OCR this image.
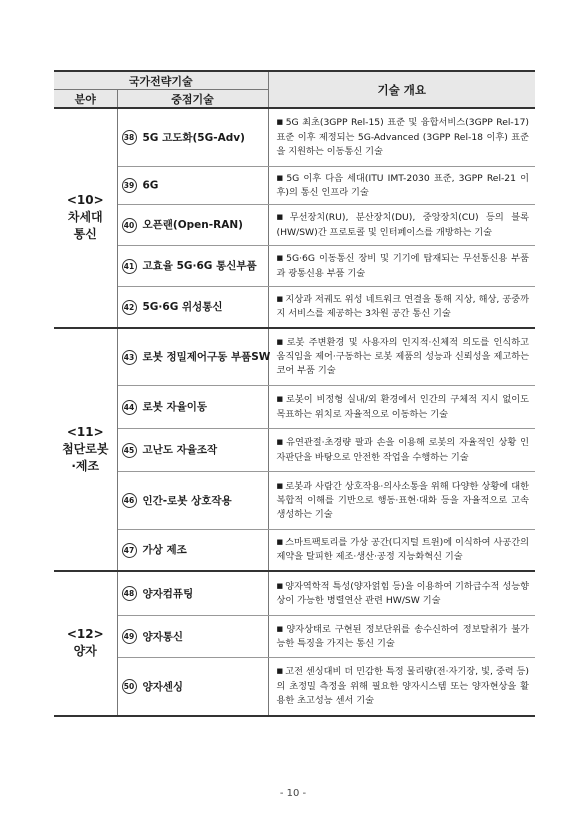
국가전략기술		기술 개요
분야	중점기술	

<10>
차세대
통신	38 5G 고도화(5G-Adv)	■ 5G 최초(3GPP Rel-15) 표준 및 융합서비스(3GPP Rel-17) 표준 이후 제정되는 5G-Advanced (3GPP Rel-18 이후) 표준을 지원하는 이동통신 기술
	39 6G	■ 5G 이후 다음 세대(ITU IMT-2030 표준, 3GPP Rel-21 이후)의 통신 인프라 기술
	40 오픈랜(Open-RAN)	■ 무선장치(RU), 분산장치(DU), 중앙장치(CU) 등의 블록(HW/SW)간 프로토콜 및 인터페이스를 개방하는 기술
	41 고효율 5G·6G 통신부품	■ 5G·6G 이동통신 장비 및 기기에 탑재되는 무선통신용 부품과 광통신용 부품 기술
	42 5G·6G 위성통신	■ 지상과 저궤도 위성 네트워크 연결을 통해 지상, 해상, 공중까지 서비스를 제공하는 3차원 공간 통신 기술

<11>
첨단로봇
·제조	43 로봇 정밀제어구동 부품SW	■ 로봇 주변환경 및 사용자의 인지적·신체적 의도를 인식하고 움직임을 제어·구동하는 로봇 제품의 성능과 신뢰성을 제고하는 코어 부품 기술
	44 로봇 자율이동	■ 로봇이 비정형 실내/외 환경에서 인간의 구체적 지시 없이도 목표하는 위치로 자율적으로 이동하는 기술
	45 고난도 자율조작	■ 유연관절·초경량 팔과 손을 이용해 로봇의 자율적인 상황 인자판단을 바탕으로 안전한 작업을 수행하는 기술
	46 인간-로봇 상호작용	■ 로봇과 사람간 상호작용·의사소통을 위해 다양한 상황에 대한 복합적 이해를 기반으로 행동·표현·대화 등을 자율적으로 고속 생성하는 기술
	47 가상 제조	■ 스마트팩토리를 가상 공간(디지털 트윈)에 이식하여 사공간의 제약을 탈피한 제조·생산·공정 지능화혁신 기술

<12>
양자	48 양자컴퓨팅	■ 양자역학적 특성(양자얽힘 등)을 이용하여 기하급수적 성능향상이 가능한 병렬연산 관련 HW/SW 기술
	49 양자통신	■ 양자상태로 구현된 정보단위를 송수신하여 정보탈취가 불가능한 특징을 가지는 통신 기술
	50 양자센싱	■ 고전 센싱대비 더 민감한 특정 물리량(전·자기장, 빛, 중력 등)의 초정밀 측정을 위해 필요한 양자시스템 또는 양자현상을 활용한 초고성능 센서 기술
- 10 -
